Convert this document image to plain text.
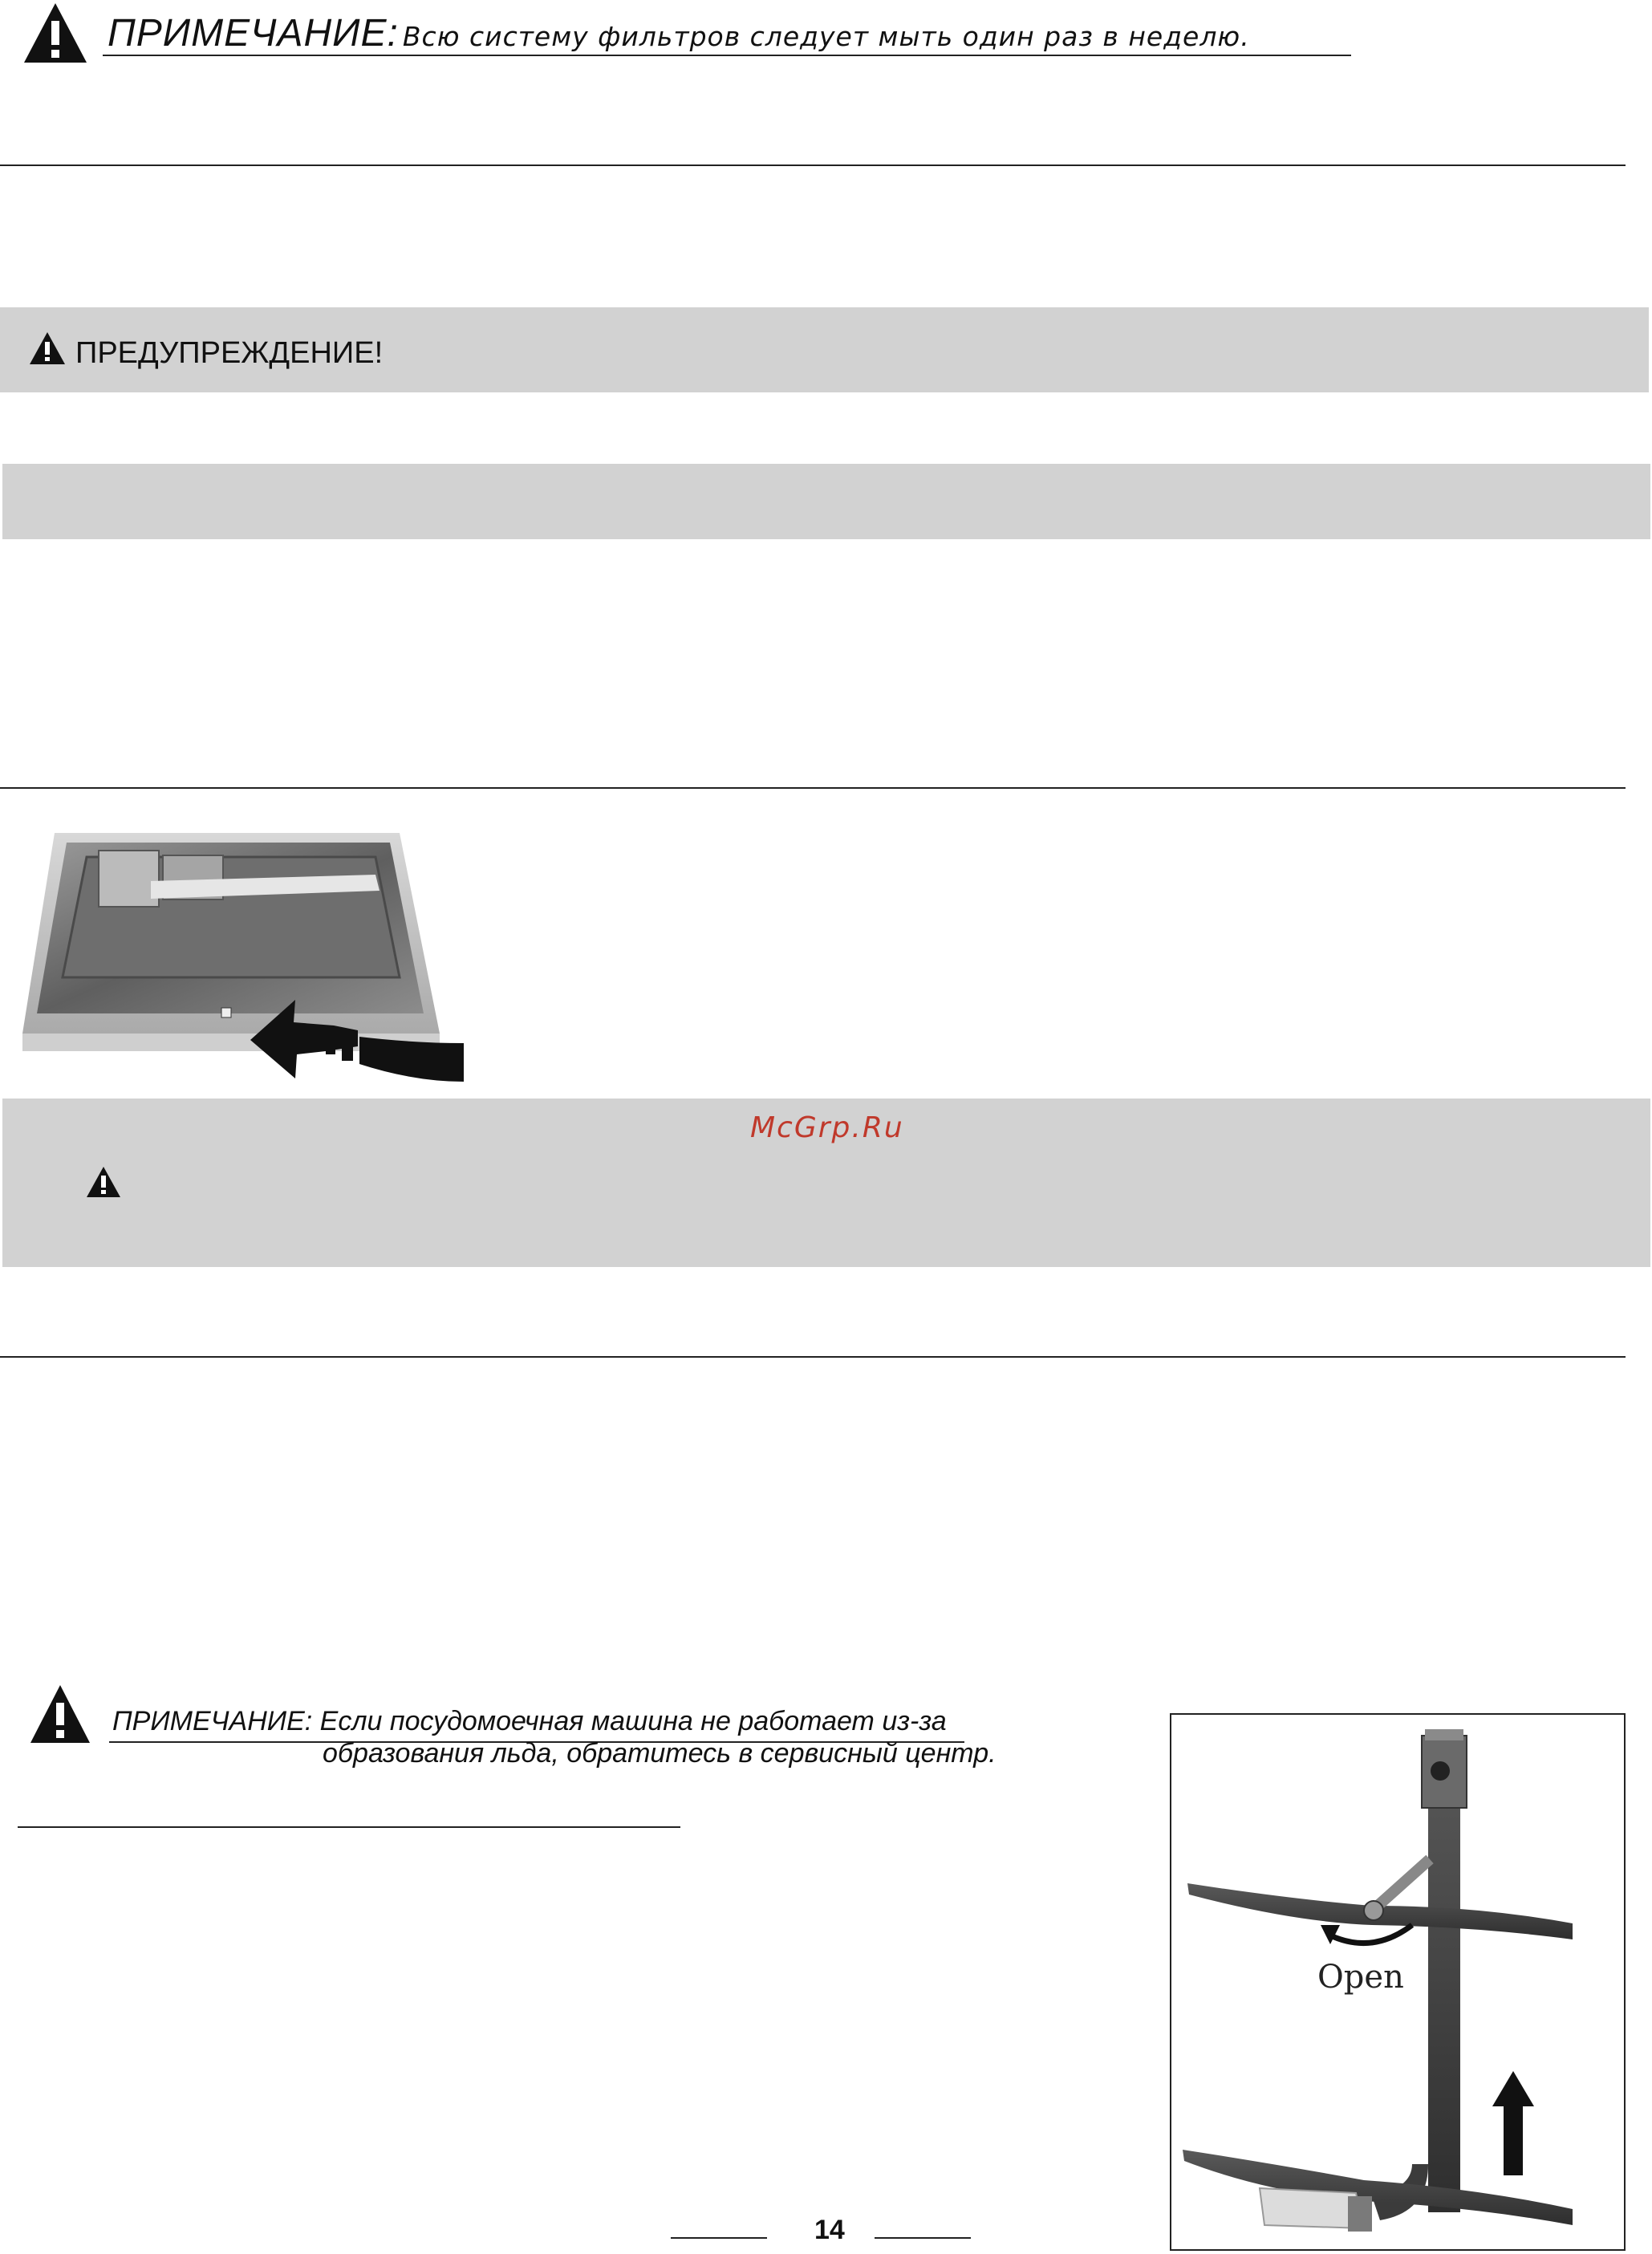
ПРИМЕЧАНИЕ: Всю систему фильтров следует мыть один раз в неделю.
ПРЕДУПРЕЖДЕНИЕ!
McGrp.Ru
ПРИМЕЧАНИЕ: Если посудомоечная машина не работает из-за
образования льда, обратитесь в сервисный центр.
Open
14
